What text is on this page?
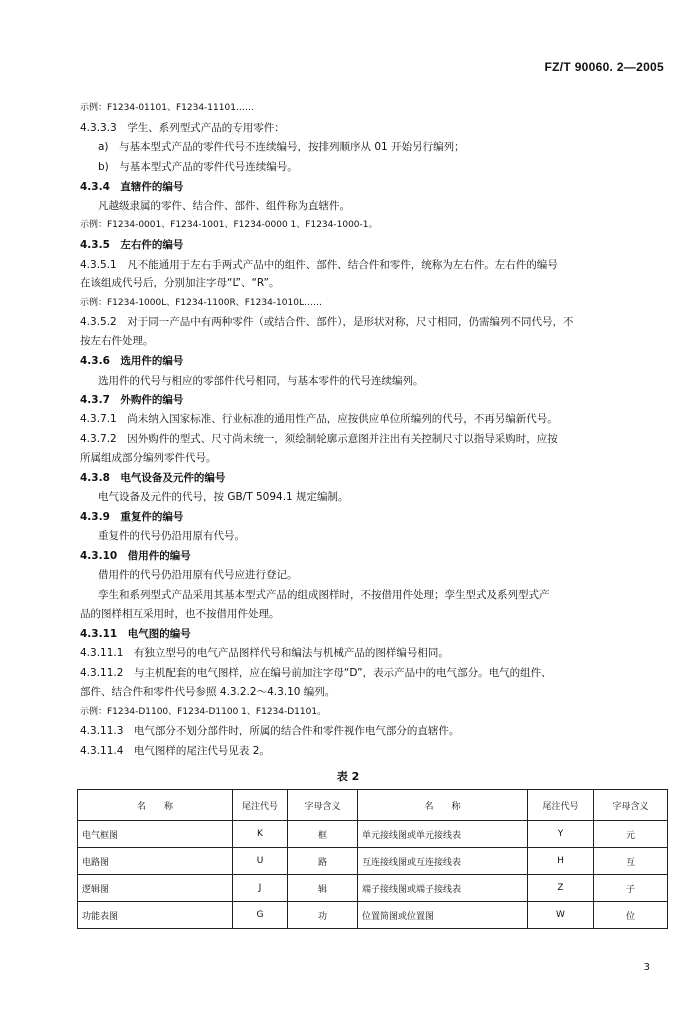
FZ/T 90060. 2—2005
示例：F1234-01101、F1234-11101……
4.3.3.3　学生、系列型式产品的专用零件：
a)　与基本型式产品的零件代号不连续编号，按排列顺序从 01 开始另行编列；
b)　与基本型式产品的零件代号连续编号。
4.3.4　直辖件的编号
凡越级隶属的零件、结合件、部件、组件称为直辖件。
示例：F1234-0001、F1234-1001、F1234-0000 1、F1234-1000-1。
4.3.5　左右件的编号
4.3.5.1　凡不能通用于左右手两式产品中的组件、部件、结合件和零件，统称为左右件。左右件的编号
在该组成代号后，分别加注字母“L”、“R”。
示例：F1234-1000L、F1234-1100R、F1234-1010L……
4.3.5.2　对于同一产品中有两种零件（或结合件、部件），是形状对称，尺寸相同，仍需编列不同代号，不
按左右件处理。
4.3.6　选用件的编号
选用件的代号与相应的零部件代号相同，与基本零件的代号连续编列。
4.3.7　外购件的编号
4.3.7.1　尚未纳入国家标准、行业标准的通用性产品，应按供应单位所编列的代号，不再另编新代号。
4.3.7.2　因外购件的型式、尺寸尚未统一，须绘制轮廓示意图并注出有关控制尺寸以指导采购时，应按
所属组成部分编列零件代号。
4.3.8　电气设备及元件的编号
电气设备及元件的代号，按 GB/T 5094.1 规定编制。
4.3.9　重复件的编号
重复件的代号仍沿用原有代号。
4.3.10　借用件的编号
借用件的代号仍沿用原有代号应进行登记。
孪生和系列型式产品采用其基本型式产品的组成图样时，不按借用件处理；孪生型式及系列型式产
品的图样相互采用时，也不按借用件处理。
4.3.11　电气图的编号
4.3.11.1　有独立型号的电气产品图样代号和编法与机械产品的图样编号相同。
4.3.11.2　与主机配套的电气图样，应在编号前加注字母“D”，表示产品中的电气部分。电气的组件、
部件、结合件和零件代号参照 4.3.2.2～4.3.10 编列。
示例：F1234-D1100、F1234-D1100 1、F1234-D1101。
4.3.11.3　电气部分不划分部件时，所属的结合件和零件视作电气部分的直辖件。
4.3.11.4　电气图样的尾注代号见表 2。
表 2
名　　称	尾注代号	字母含义	名　　称	尾注代号	字母含义
电气框图	K	框	单元接线图或单元接线表	Y	元
电路图	U	路	互连接线图或互连接线表	H	互
逻辑图	J	辑	端子接线图或端子接线表	Z	子
功能表图	G	功	位置简图或位置图	W	位
3
